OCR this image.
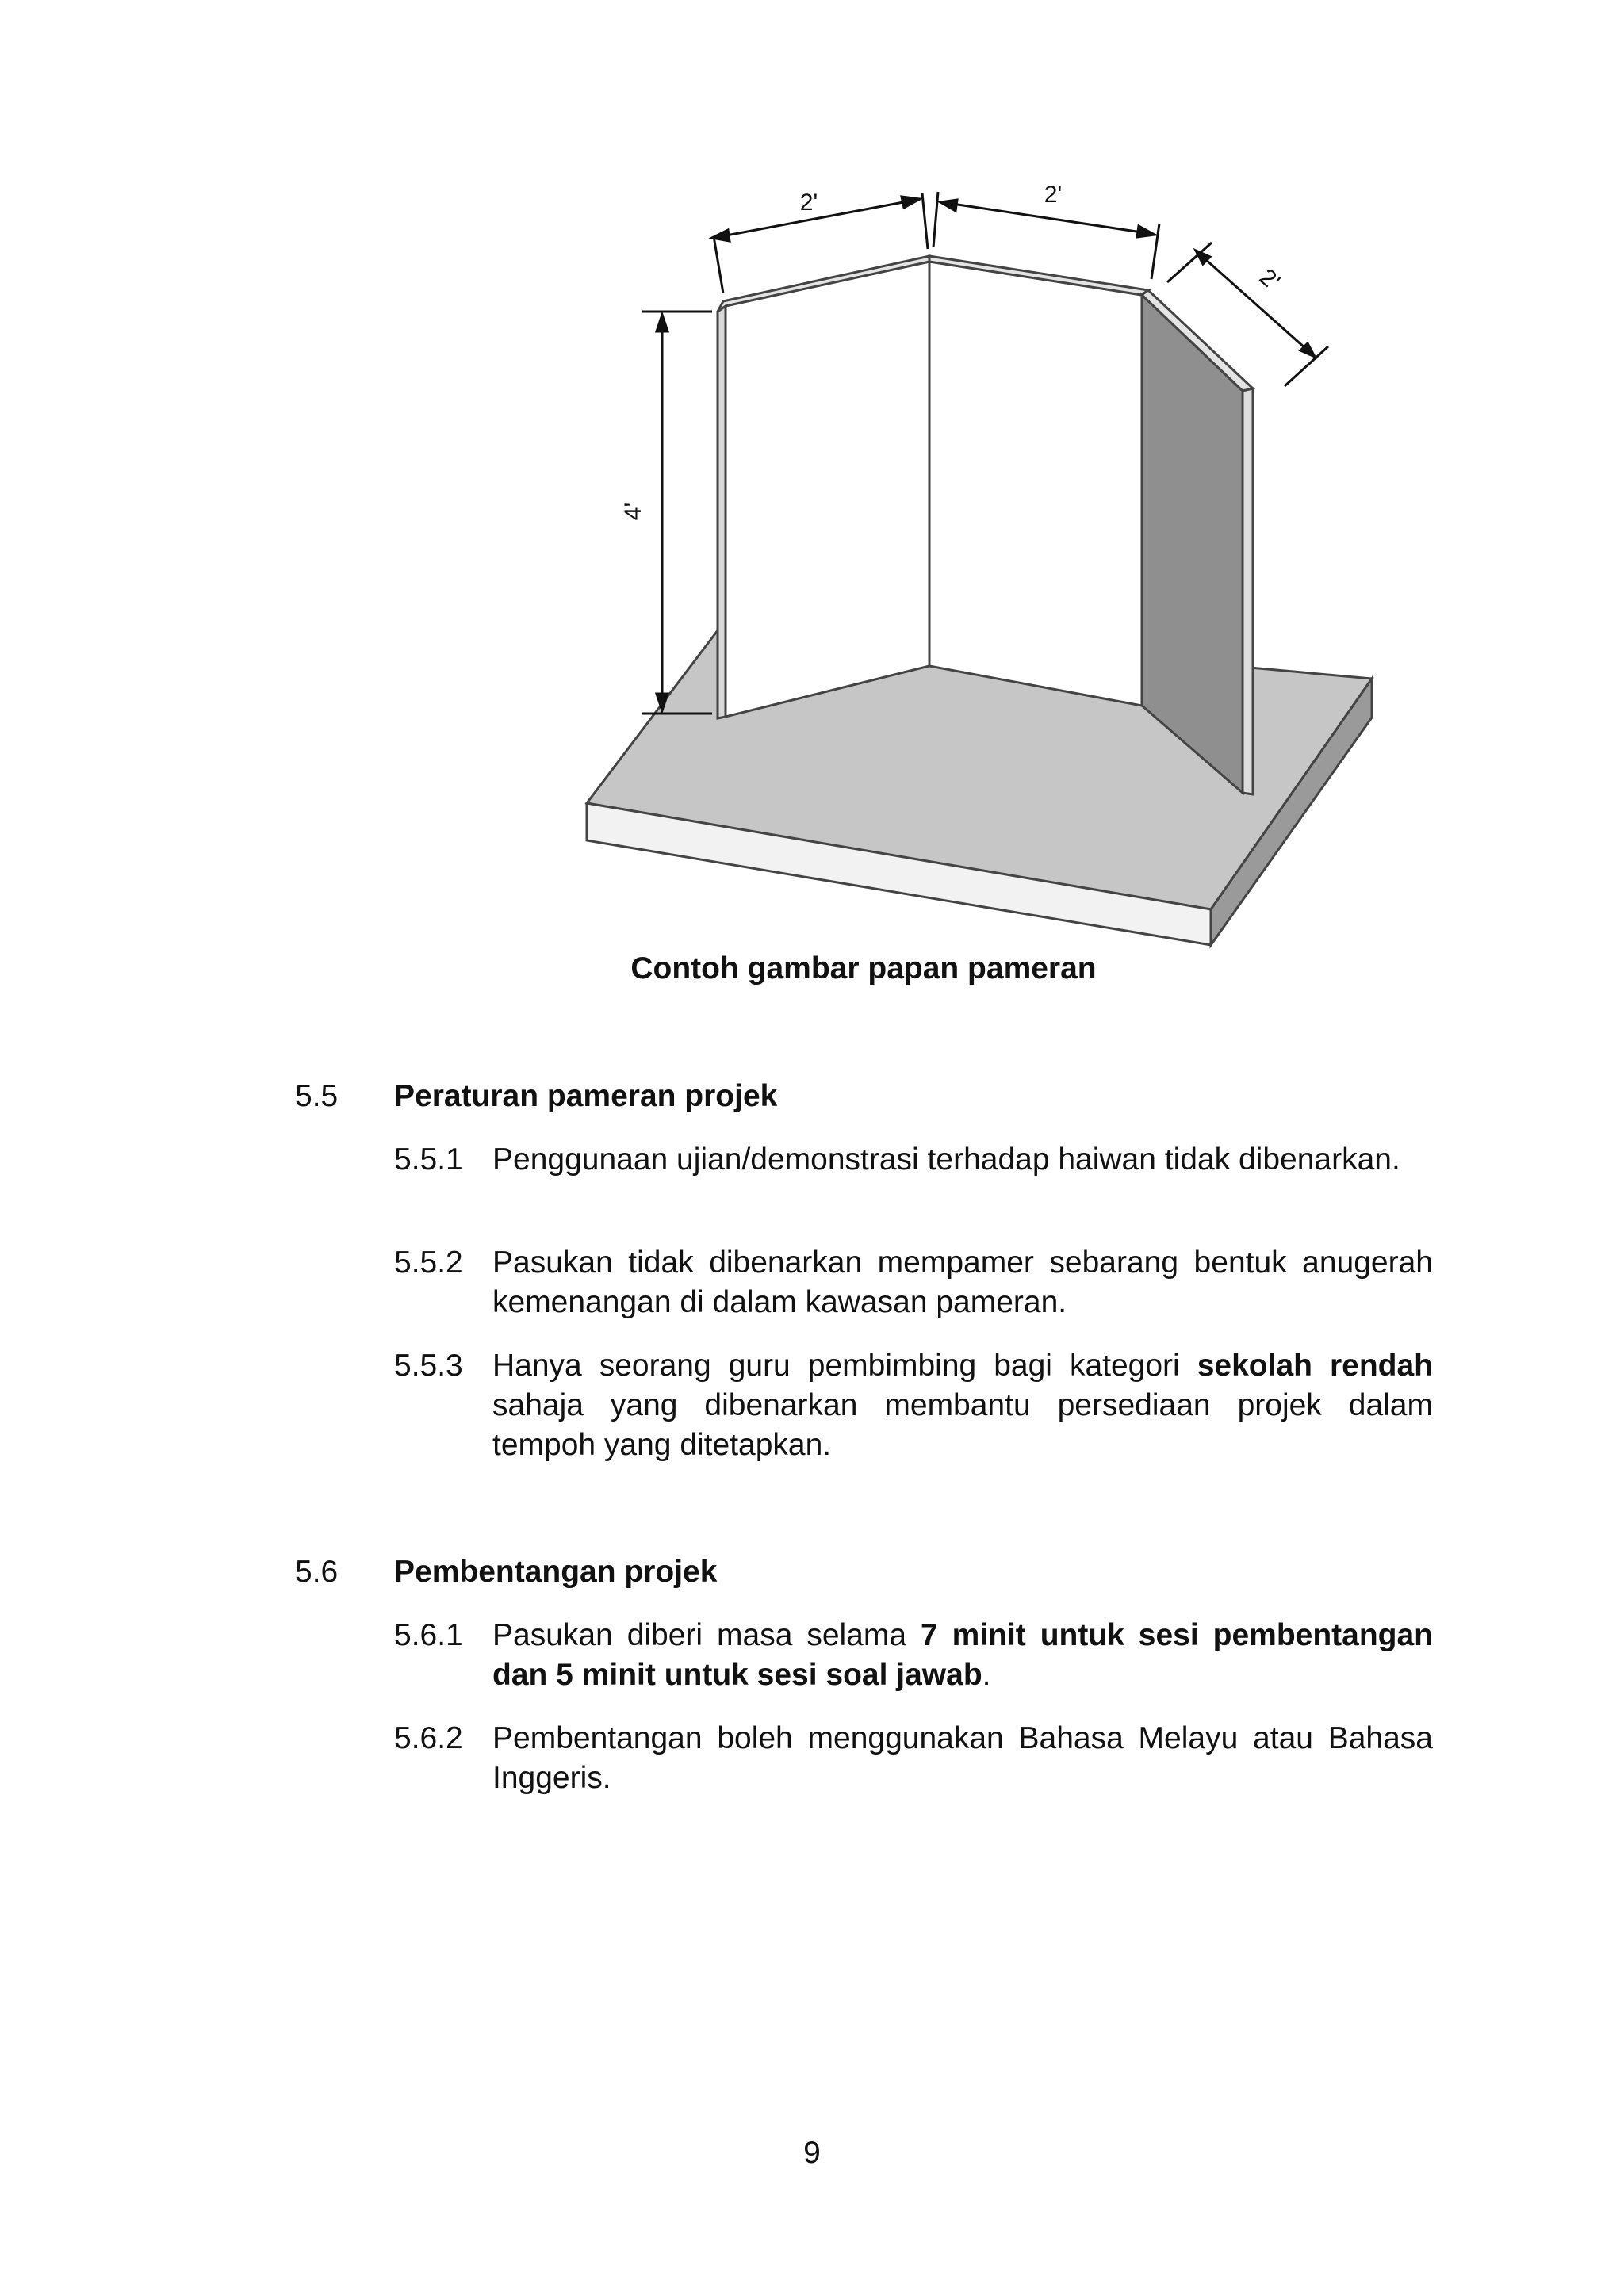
4'
2'	2'
2'
Contoh gambar papan pameran
5.5 Peraturan pameran projek
5.5.1 Penggunaan ujian/demonstrasi terhadap haiwan tidak dibenarkan.
5.5.2 Pasukan tidak dibenarkan mempamer sebarang bentuk anugerah kemenangan di dalam kawasan pameran.
5.5.3 Hanya seorang guru pembimbing bagi kategori sekolah rendah sahaja yang dibenarkan membantu persediaan projek dalam tempoh yang ditetapkan.
5.6 Pembentangan projek
5.6.1 Pasukan diberi masa selama 7 minit untuk sesi pembentangan dan 5 minit untuk sesi soal jawab.
5.6.2 Pembentangan boleh menggunakan Bahasa Melayu atau Bahasa Inggeris.
9
